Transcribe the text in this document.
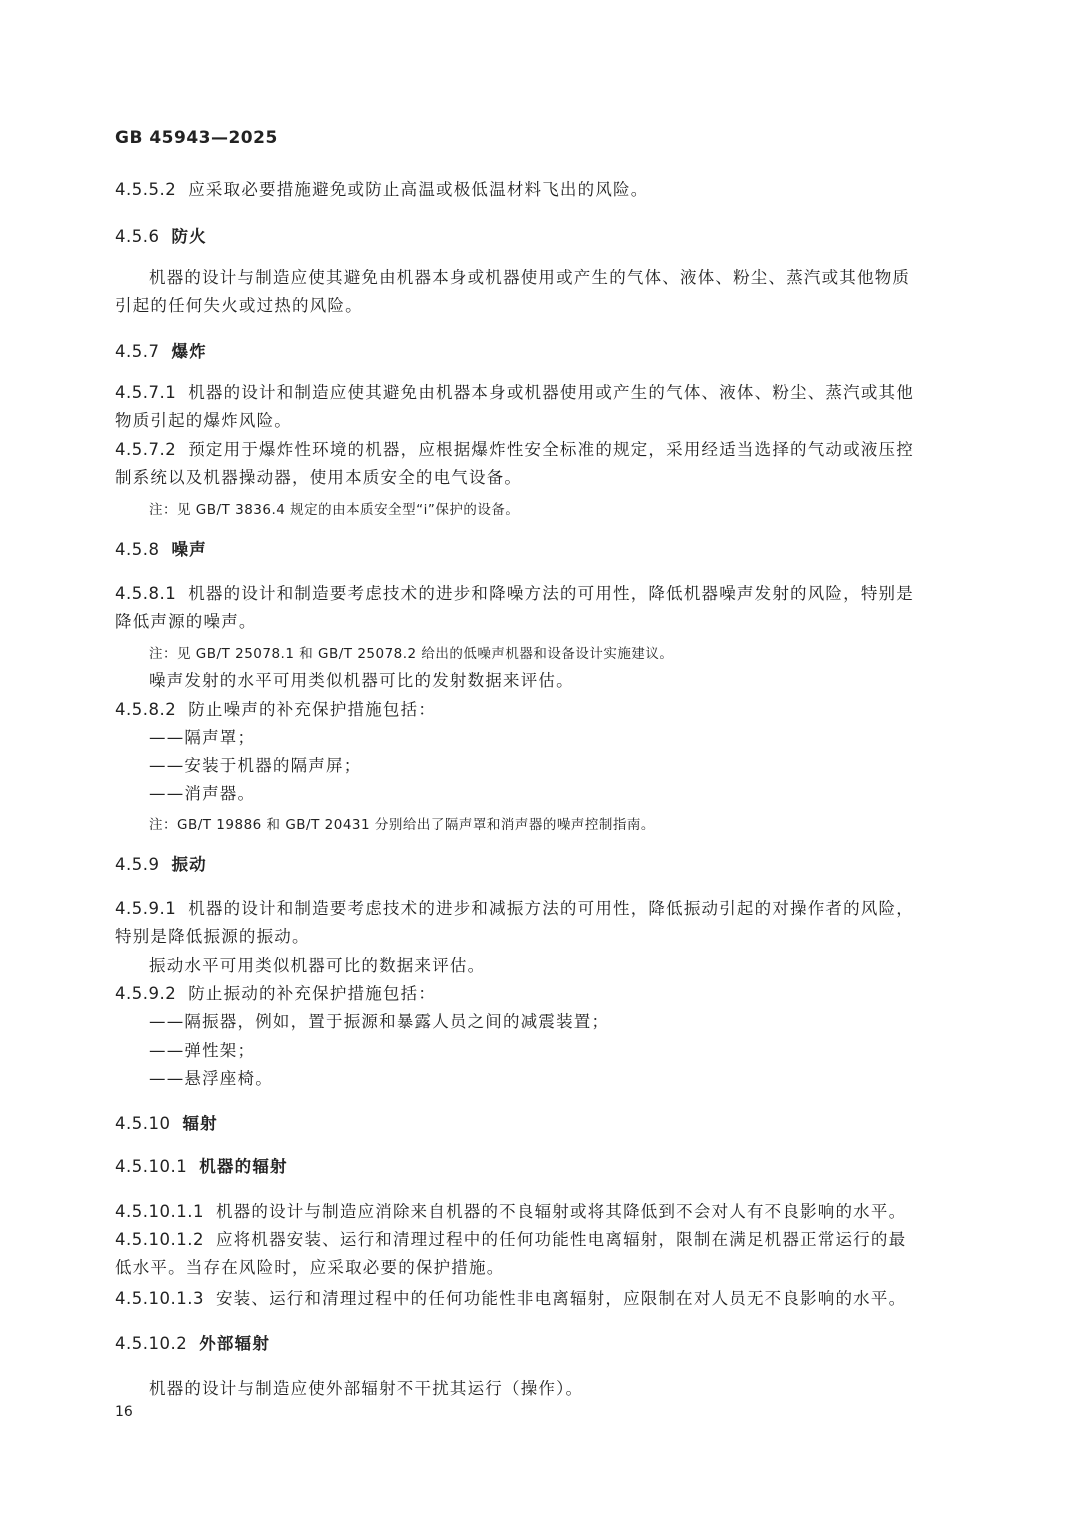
GB 45943—2025
4.5.5.2 应采取必要措施避免或防止高温或极低温材料飞出的风险。
4.5.6 防火
机器的设计与制造应使其避免由机器本身或机器使用或产生的气体、液体、粉尘、蒸汽或其他物质
引起的任何失火或过热的风险。
4.5.7 爆炸
4.5.7.1 机器的设计和制造应使其避免由机器本身或机器使用或产生的气体、液体、粉尘、蒸汽或其他
物质引起的爆炸风险。
4.5.7.2 预定用于爆炸性环境的机器，应根据爆炸性安全标准的规定，采用经适当选择的气动或液压控
制系统以及机器操动器，使用本质安全的电气设备。
注：见 GB/T 3836.4 规定的由本质安全型“i”保护的设备。
4.5.8 噪声
4.5.8.1 机器的设计和制造要考虑技术的进步和降噪方法的可用性，降低机器噪声发射的风险，特别是
降低声源的噪声。
注：见 GB/T 25078.1 和 GB/T 25078.2 给出的低噪声机器和设备设计实施建议。
噪声发射的水平可用类似机器可比的发射数据来评估。
4.5.8.2 防止噪声的补充保护措施包括：
——隔声罩；
——安装于机器的隔声屏；
——消声器。
注：GB/T 19886 和 GB/T 20431 分别给出了隔声罩和消声器的噪声控制指南。
4.5.9 振动
4.5.9.1 机器的设计和制造要考虑技术的进步和减振方法的可用性，降低振动引起的对操作者的风险，
特别是降低振源的振动。
振动水平可用类似机器可比的数据来评估。
4.5.9.2 防止振动的补充保护措施包括：
——隔振器，例如，置于振源和暴露人员之间的减震装置；
——弹性架；
——悬浮座椅。
4.5.10 辐射
4.5.10.1 机器的辐射
4.5.10.1.1 机器的设计与制造应消除来自机器的不良辐射或将其降低到不会对人有不良影响的水平。
4.5.10.1.2 应将机器安装、运行和清理过程中的任何功能性电离辐射，限制在满足机器正常运行的最
低水平。当存在风险时，应采取必要的保护措施。
4.5.10.1.3 安装、运行和清理过程中的任何功能性非电离辐射，应限制在对人员无不良影响的水平。
4.5.10.2 外部辐射
机器的设计与制造应使外部辐射不干扰其运行（操作）。
16
